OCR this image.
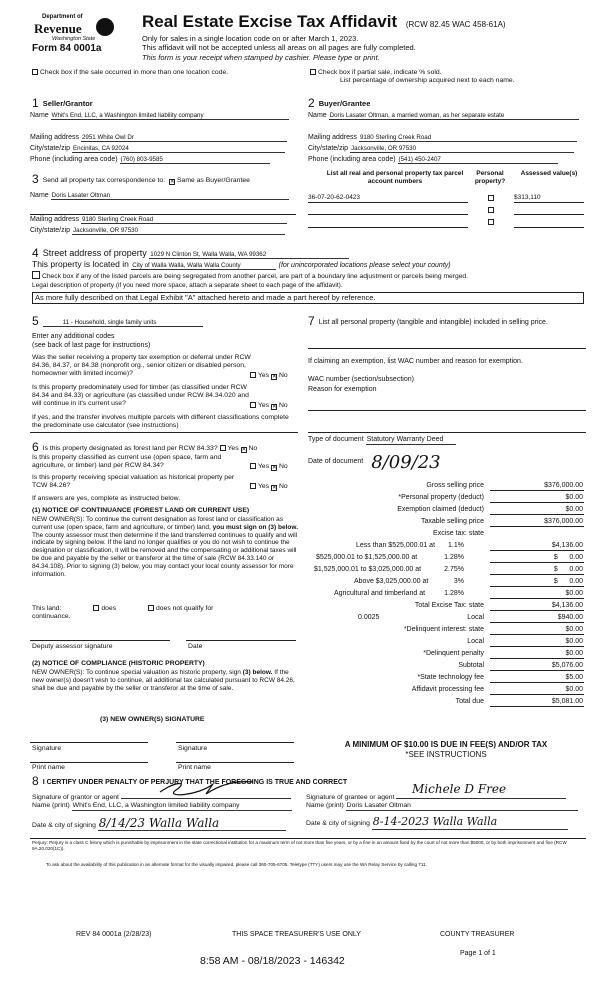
Department of
Revenue
Washington State
Form 84 0001a
Real Estate Excise Tax Affidavit (RCW 82.45 WAC 458-61A)
Only for sales in a single location code on or after March 1, 2023.
This affidavit will not be accepted unless all areas on all pages are fully completed.
This form is your receipt when stamped by cashier. Please type or print.
Check box if the sale occurred in more than one location code.	Check box if partial sale, indicate % sold.
List percentage of ownership acquired next to each name.
1 Seller/Grantor
Name Whit's End, LLC, a Washington limited liability company
Mailing address 2951 White Owl Dr
City/state/zip Encinitas, CA 92024
Phone (including area code) (760) 803-9585
2 Buyer/Grantee
Name Doris Lasater Oltman, a married woman, as her separate estate
Mailing address 9180 Sterling Creek Road
City/state/zip Jacksonville, OR 97530
Phone (including area code) (541) 450-2407
3 Send all property tax correspondence to: ✕ Same as Buyer/Grantee
Name Doris Lasater Oltman
Mailing address 9180 Sterling Creek Road
City/state/zip Jacksonville, OR 97530
List all real and personal property tax parcel account numbers
Personal property?
Assessed value(s)
36-07-20-62-0423	$313,110
4 Street address of property 1029 N Clinton St, Walla Walla, WA 99362
This property is located in City of Walla Walla, Walla Walla County	(for unincorporated locations please select your county)
Check box if any of the listed parcels are being segregated from another parcel, are part of a boundary line adjustment or parcels being merged.
Legal description of property (if you need more space, attach a separate sheet to each page of the affidavit).
As more fully described on that Legal Exhibit "A" attached hereto and made a part hereof by reference.
5	11 - Household, single family units
Enter any additional codes
(see back of last page for instructions)
Was the seller receiving a property tax exemption or deferral under RCW 84.36, 84.37, or 84.38 (nonprofit org., senior citizen or disabled person, homeowner with limited income)?	Yes ✕ No
Is this property predominately used for timber (as classified under RCW 84.34 and 84.33) or agriculture (as classified under RCW 84.34.020 and will continue in it's current use?	Yes ✕ No
If yes, and the transfer involves multiple parcels with different classifications complete the predominate use calculator (see instructions)
7 List all personal property (tangible and intangible) included in selling price.
If claiming an exemption, list WAC number and reason for exemption.
WAC number (section/subsection)
Reason for exemption
Type of document Statutory Warranty Deed
Date of document 8/09/23
6 Is this property designated as forest land per RCW 84.33? Yes ✕ No
Is this property classified as current use (open space, farm and agriculture, or timber) land per RCW 84.34?	Yes ✕ No
Is this property receiving special valuation as historical property per TCW 84.26?	Yes ✕ No
If answers are yes, complete as instructed below.
(1) NOTICE OF CONTINUANCE (FOREST LAND OR CURRENT USE)
NEW OWNER(S): To continue the current designation as forest land or classification as current use (open space, farm and agriculture, or timber) land, you must sign on (3) below. The county assessor must then determine if the land transferred continues to qualify and will indicate by signing below. If the land no longer qualifies or you do not wish to continue the designation or classification, it will be removed and the compensating or additional taxes will be due and payable by the seller or transferor at the time of sale (RCW 84.33.140 or 84.34.108). Prior to signing (3) below, you may contact your local county assessor for more information.
This land:	does	does not qualify for
continuance.
Deputy assessor signature	Date
(2) NOTICE OF COMPLIANCE (HISTORIC PROPERTY)
NEW OWNER(S): To continue special valuation as historic property, sign (3) below. If the new owner(s) doesn't wish to continue, all additional tax calculated pursuant to RCW 84.26, shall be due and payable by the seller or transferor at the time of sale.
(3) NEW OWNER(S) SIGNATURE
Signature	Signature
Print name	Print name
Gross selling price	$376,000.00
*Personal property (deduct)	$0.00
Exemption claimed (deduct)	$0.00
Taxable selling price	$376,000.00
Excise tax: state
Less than $525,000.01 at	1.1%	$4,136.00
$525,000.01 to $1,525,000.00 at	1.28%	$      0.00
$1,525,000.01 to $3,025,000.00 at	2.75%	$      0.00
Above $3,025,000.00 at	3%	$      0.00
Agricultural and timberland at	1.28%	$0.00
Total Excise Tax: state	$4,136.00
0.0025	Local	$940.00
*Delinquent interest: state	$0.00
Local	$0.00
*Delinquent penalty	$0.00
Subtotal	$5,076.00
*State technology fee	$5.00
Affidavit processing fee	$0.00
Total due	$5,081.00
A MINIMUM OF $10.00 IS DUE IN FEE(S) AND/OR TAX
*SEE INSTRUCTIONS
8 I CERTIFY UNDER PENALTY OF PERJURY THAT THE FOREGOING IS TRUE AND CORRECT
Signature of grantor or agent
Name (print) Whit's End, LLC, a Washington limited liability company
Date & city of signing 8/14/23 Walla Walla
Signature of grantee or agent
Michele D Free
Name (print) Doris Lasater Oltman
Date & city of signing 8-14-2023 Walla Walla
Perjury: Perjury is a class C felony which is punishable by imprisonment in the state correctional institution for a maximum term of not more than five years, or by a fine in an amount fixed by the court of not more than $5000, or by both imprisonment and fine (RCW 9A.20.020(1C)).
To ask about the availability of this publication in an alternate format for the visually impaired, please call 360-705-6705. Teletype (TTY) users may use the WA Relay Service by calling 711.
REV 84 0001a (2/28/23)	THIS SPACE TREASURER'S USE ONLY	COUNTY TREASURER
Page 1 of 1
8:58 AM - 08/18/2023 - 146342
